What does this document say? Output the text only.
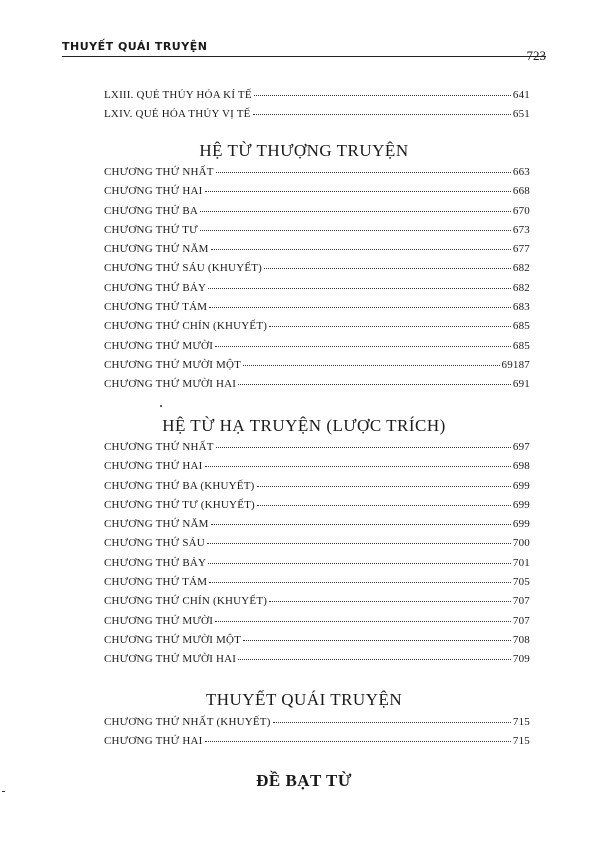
THUYẾT QUÁI TRUYỆN
723
LXIII. QUẺ THỦY HỎA KÍ TẾ	641
LXIV. QUẺ HỎA THỦY VỊ TẾ	651
HỆ TỪ THƯỢNG TRUYỆN
CHƯƠNG THỨ NHẤT	663
CHƯƠNG THỨ HAI	668
CHƯƠNG THỨ BA	670
CHƯƠNG THỨ TƯ	673
CHƯƠNG THỨ NĂM	677
CHƯƠNG THỨ SÁU (KHUYẾT)	682
CHƯƠNG THỨ BẢY	682
CHƯƠNG THỨ TÁM	683
CHƯƠNG THỨ CHÍN (KHUYẾT)	685
CHƯƠNG THỨ MƯỜI	685
CHƯƠNG THỨ MƯỜI MỘT	69187
CHƯƠNG THỨ MƯỜI HAI	691
HỆ TỪ HẠ TRUYỆN (LƯỢC TRÍCH)
CHƯƠNG THỨ NHẤT	697
CHƯƠNG THỨ HAI	698
CHƯƠNG THỨ BA (KHUYẾT)	699
CHƯƠNG THỨ TƯ (KHUYẾT)	699
CHƯƠNG THỨ NĂM	699
CHƯƠNG THỨ SÁU	700
CHƯƠNG THỨ BẢY	701
CHƯƠNG THỨ TÁM	705
CHƯƠNG THỨ CHÍN (KHUYẾT)	707
CHƯƠNG THỨ MƯỜI	707
CHƯƠNG THỨ MƯỜI MỘT	708
CHƯƠNG THỨ MƯỜI HAI	709
THUYẾT QUÁI TRUYỆN
CHƯƠNG THỨ NHẤT (KHUYẾT)	715
CHƯƠNG THỨ HAI	715
ĐỀ BẠT TỪ
